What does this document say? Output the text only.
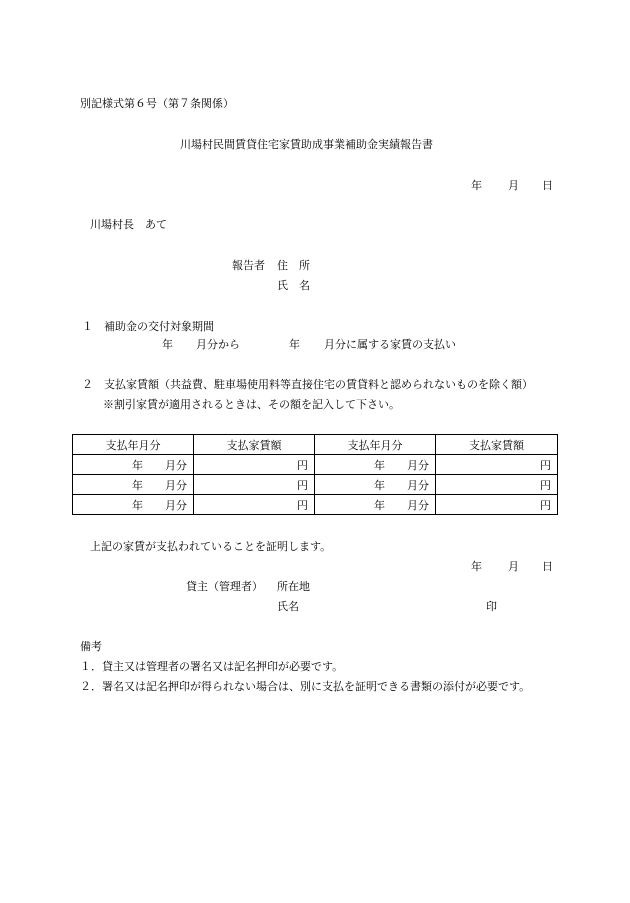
別記様式第６号（第７条関係）
川場村民間賃貸住宅家賃助成事業補助金実績報告書
年 月 日
川場村長　あて
報告者 住　所
氏　名
１　補助金の交付対象期間
年 月分から	年 月分に属する家賃の支払い
２　支払家賃額（共益費、駐車場使用料等直接住宅の賃貸料と認められないものを除く額）
※割引家賃が適用されるときは、その額を記入して下さい。
支払年月分	支払家賃額	支払年月分	支払家賃額
年 月分	円	年 月分	円
年 月分	円	年 月分	円
年 月分	円	年 月分	円
上記の家賃が支払われていることを証明します。
年 月 日
貸主（管理者） 所在地
氏名	印
備考
１．貸主又は管理者の署名又は記名押印が必要です。
２．署名又は記名押印が得られない場合は、別に支払を証明できる書類の添付が必要です。
